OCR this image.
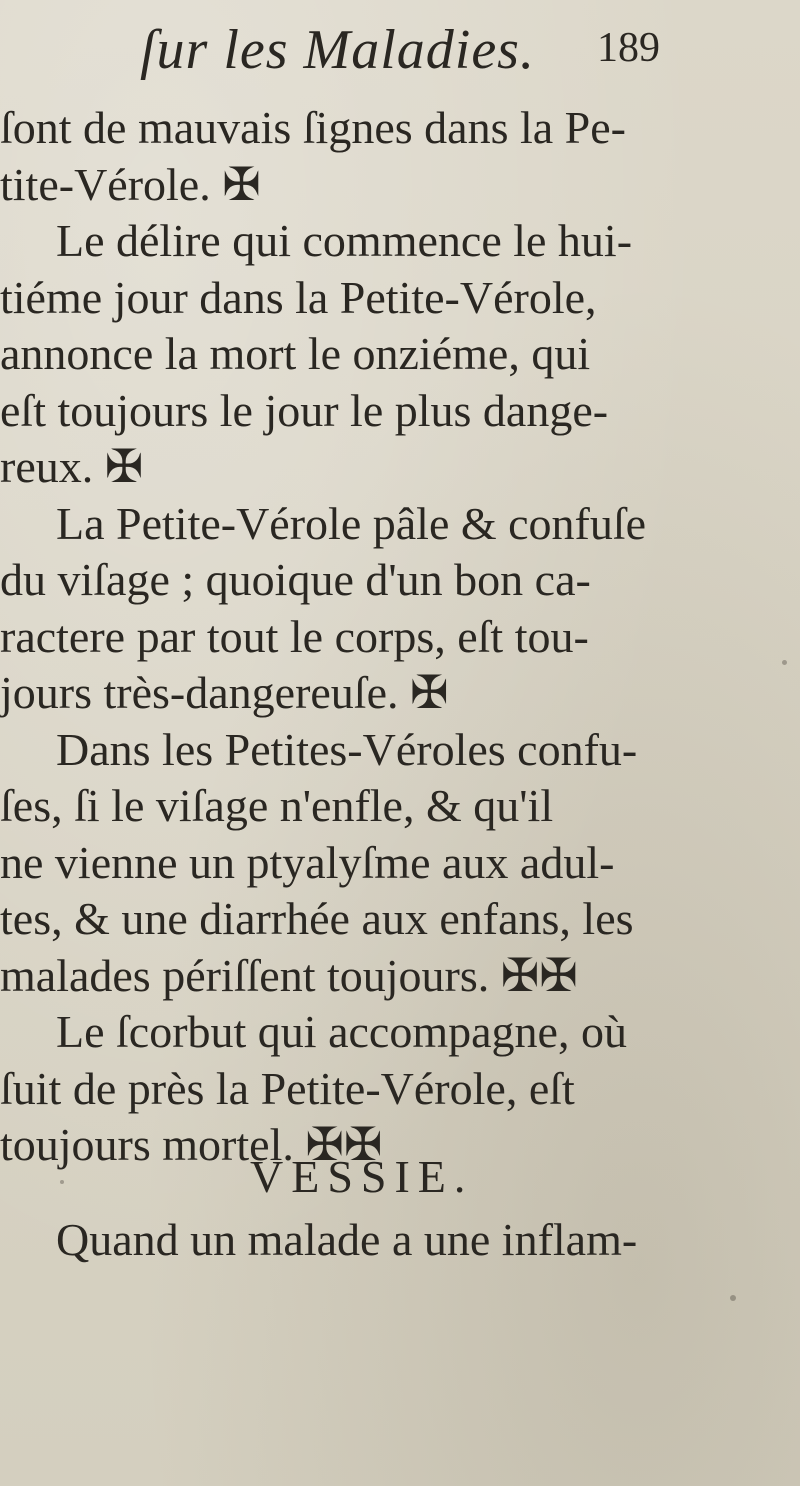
ſur les Maladies. 189
ſont de mauvais ſignes dans la Pe-
tite-Vérole. ✠
Le délire qui commence le hui-
tiéme jour dans la Petite-Vérole,
annonce la mort le onziéme, qui
eſt toujours le jour le plus dange-
reux. ✠
La Petite-Vérole pâle & confuſe
du viſage ; quoique d'un bon ca-
ractere par tout le corps, eſt tou-
jours très-dangereuſe. ✠
Dans les Petites-Véroles confu-
ſes, ſi le viſage n'enfle, & qu'il
ne vienne un ptyalyſme aux adul-
tes, & une diarrhée aux enfans, les
malades périſſent toujours. ✠✠
Le ſcorbut qui accompagne, où
ſuit de près la Petite-Vérole, eſt
toujours mortel. ✠✠
VESSIE.
Quand un malade a une inflam-
